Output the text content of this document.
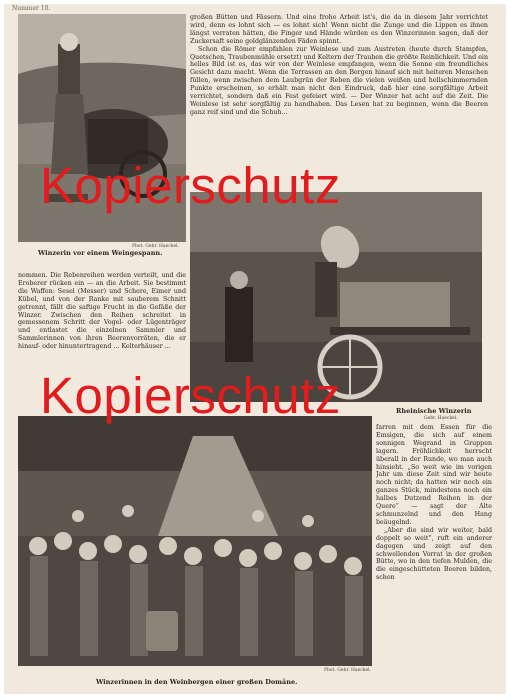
Nummer 10.
Phot. Gebr. Haeckel.
Winzerin vor einem Weingespann.

großen Bütten und Fässern. Und eine frohe Arbeit ist's, die da in diesem Jahr verrichtet wird, denn es lohnt sich — es lohnt sich! Wenn nicht die Zunge und die Lippen es ihnen längst verraten hätten, die Finger und Hände würden es den Winzerinnen sagen, daß der Zuckersaft seine goldglänzenden Fäden spinnt.

Schon die Römer empfahlen zur Weinlese und zum Austreten (heute durch Stampfen, Quetschen, Traubenmühle ersetzt) und Keltern der Trauben die größte Reinlichkeit. Und ein helles Bild ist es, das wir von der Weinlese empfangen, wenn die Sonne ein freundliches Gesicht dazu macht. Wenn die Terrassen an den Bergen hinauf sich mit heiteren Menschen füllen, wenn zwischen dem Laubgrün der Reben die vielen weißen und hellschimmernden Punkte erscheinen, so erhält man nicht den Eindruck, daß hier eine sorgfältige Arbeit verrichtet, sondern daß ein Fest gefeiert wird. — Der Winzer hat acht auf die Zeit. Die Weinlese ist sehr sorgfältig zu handhaben. Das Lesen hat zu beginnen, wenn die Beeren ganz reif sind und die Schuh...

nommen. Die Rebenreihen werden verteilt, und die Eroberer rücken ein — an die Arbeit. Sie bestimmt die Waffen: Sesel (Messer) und Schere, Eimer und Kübel, und von der Ranke mit sauberem Schnitt getrennt, fällt die saftige Frucht in die Gefäße der Winzer. Zwischen den Reihen schreitet in gemessenem Schritt der Vogel- oder Lügenträger und entlastet die einzelnen Sammler und Sammlerinnen von ihren Beerenvorräten, die er hinauf- oder hinuntertragend ... Kelterhäuser ...

Rheinische Winzerin
Gebr. Haeckel.
Phot. Gebr. Haeckel.
Winzerinnen in den Weinbergen einer großen Domäne.

farren mit dem Essen für die Emsigen, die sich auf einem sonnigen Wegrand in Gruppen lagern. Fröhlichkeit herrscht überall in der Runde, wo man auch hinsieht. „So weit wie im vorigen Jahr um diese Zeit sind wir heute noch nicht; da hatten wir noch ein ganzes Stück, mindestens noch ein halbes Dutzend Reihen in der Quere“ — sagt der Alte schmunzelnd und den Hang beäugelnd.

„Aber die sind wir weiter, bald doppelt so weit“, ruft ein anderer dagegen und zeigt auf den schwellenden Vorrat in der großen Bütte, wo in den tiefen Mulden, die die eingeschütteten Beeren bilden, schon

Kopierschutz
Kopierschutz
